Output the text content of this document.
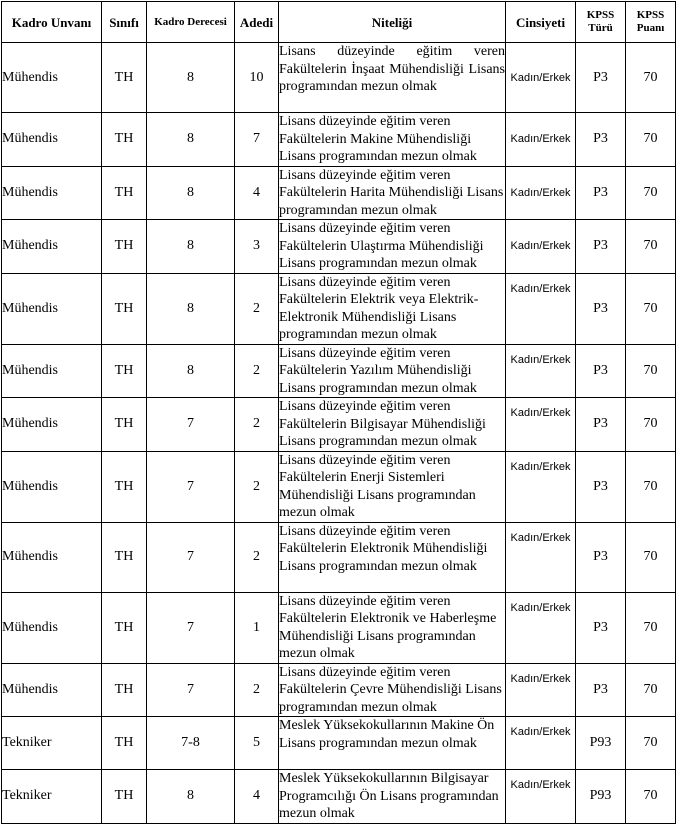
Kadro Unvanı	Sınıfı	Kadro Derecesi	Adedi	Niteliği	Cinsiyeti	KPSS Türü	KPSS Puanı
Mühendis	TH	8	10	Lisans düzeyinde eğitim veren Fakültelerin İnşaat Mühendisliği Lisans programından mezun olmak	Kadın/Erkek	P3	70
Mühendis	TH	8	7	Lisans düzeyinde eğitim veren Fakültelerin Makine Mühendisliği Lisans programından mezun olmak	Kadın/Erkek	P3	70
Mühendis	TH	8	4	Lisans düzeyinde eğitim veren Fakültelerin Harita Mühendisliği Lisans programından mezun olmak	Kadın/Erkek	P3	70
Mühendis	TH	8	3	Lisans düzeyinde eğitim veren Fakültelerin Ulaştırma Mühendisliği Lisans programından mezun olmak	Kadın/Erkek	P3	70
Mühendis	TH	8	2	Lisans düzeyinde eğitim veren Fakültelerin Elektrik veya Elektrik-Elektronik Mühendisliği Lisans programından mezun olmak	Kadın/Erkek	P3	70
Mühendis	TH	8	2	Lisans düzeyinde eğitim veren Fakültelerin Yazılım Mühendisliği Lisans programından mezun olmak	Kadın/Erkek	P3	70
Mühendis	TH	7	2	Lisans düzeyinde eğitim veren Fakültelerin Bilgisayar Mühendisliği Lisans programından mezun olmak	Kadın/Erkek	P3	70
Mühendis	TH	7	2	Lisans düzeyinde eğitim veren Fakültelerin Enerji Sistemleri Mühendisliği Lisans programından mezun olmak	Kadın/Erkek	P3	70
Mühendis	TH	7	2	Lisans düzeyinde eğitim veren Fakültelerin Elektronik Mühendisliği Lisans programından mezun olmak	Kadın/Erkek	P3	70
Mühendis	TH	7	1	Lisans düzeyinde eğitim veren Fakültelerin Elektronik ve Haberleşme Mühendisliği Lisans programından mezun olmak	Kadın/Erkek	P3	70
Mühendis	TH	7	2	Lisans düzeyinde eğitim veren Fakültelerin Çevre Mühendisliği Lisans programından mezun olmak	Kadın/Erkek	P3	70
Tekniker	TH	7-8	5	Meslek Yüksekokullarının Makine Ön Lisans programından mezun olmak	Kadın/Erkek	P93	70
Tekniker	TH	8	4	Meslek Yüksekokullarının Bilgisayar Programcılığı Ön Lisans programından mezun olmak	Kadın/Erkek	P93	70
